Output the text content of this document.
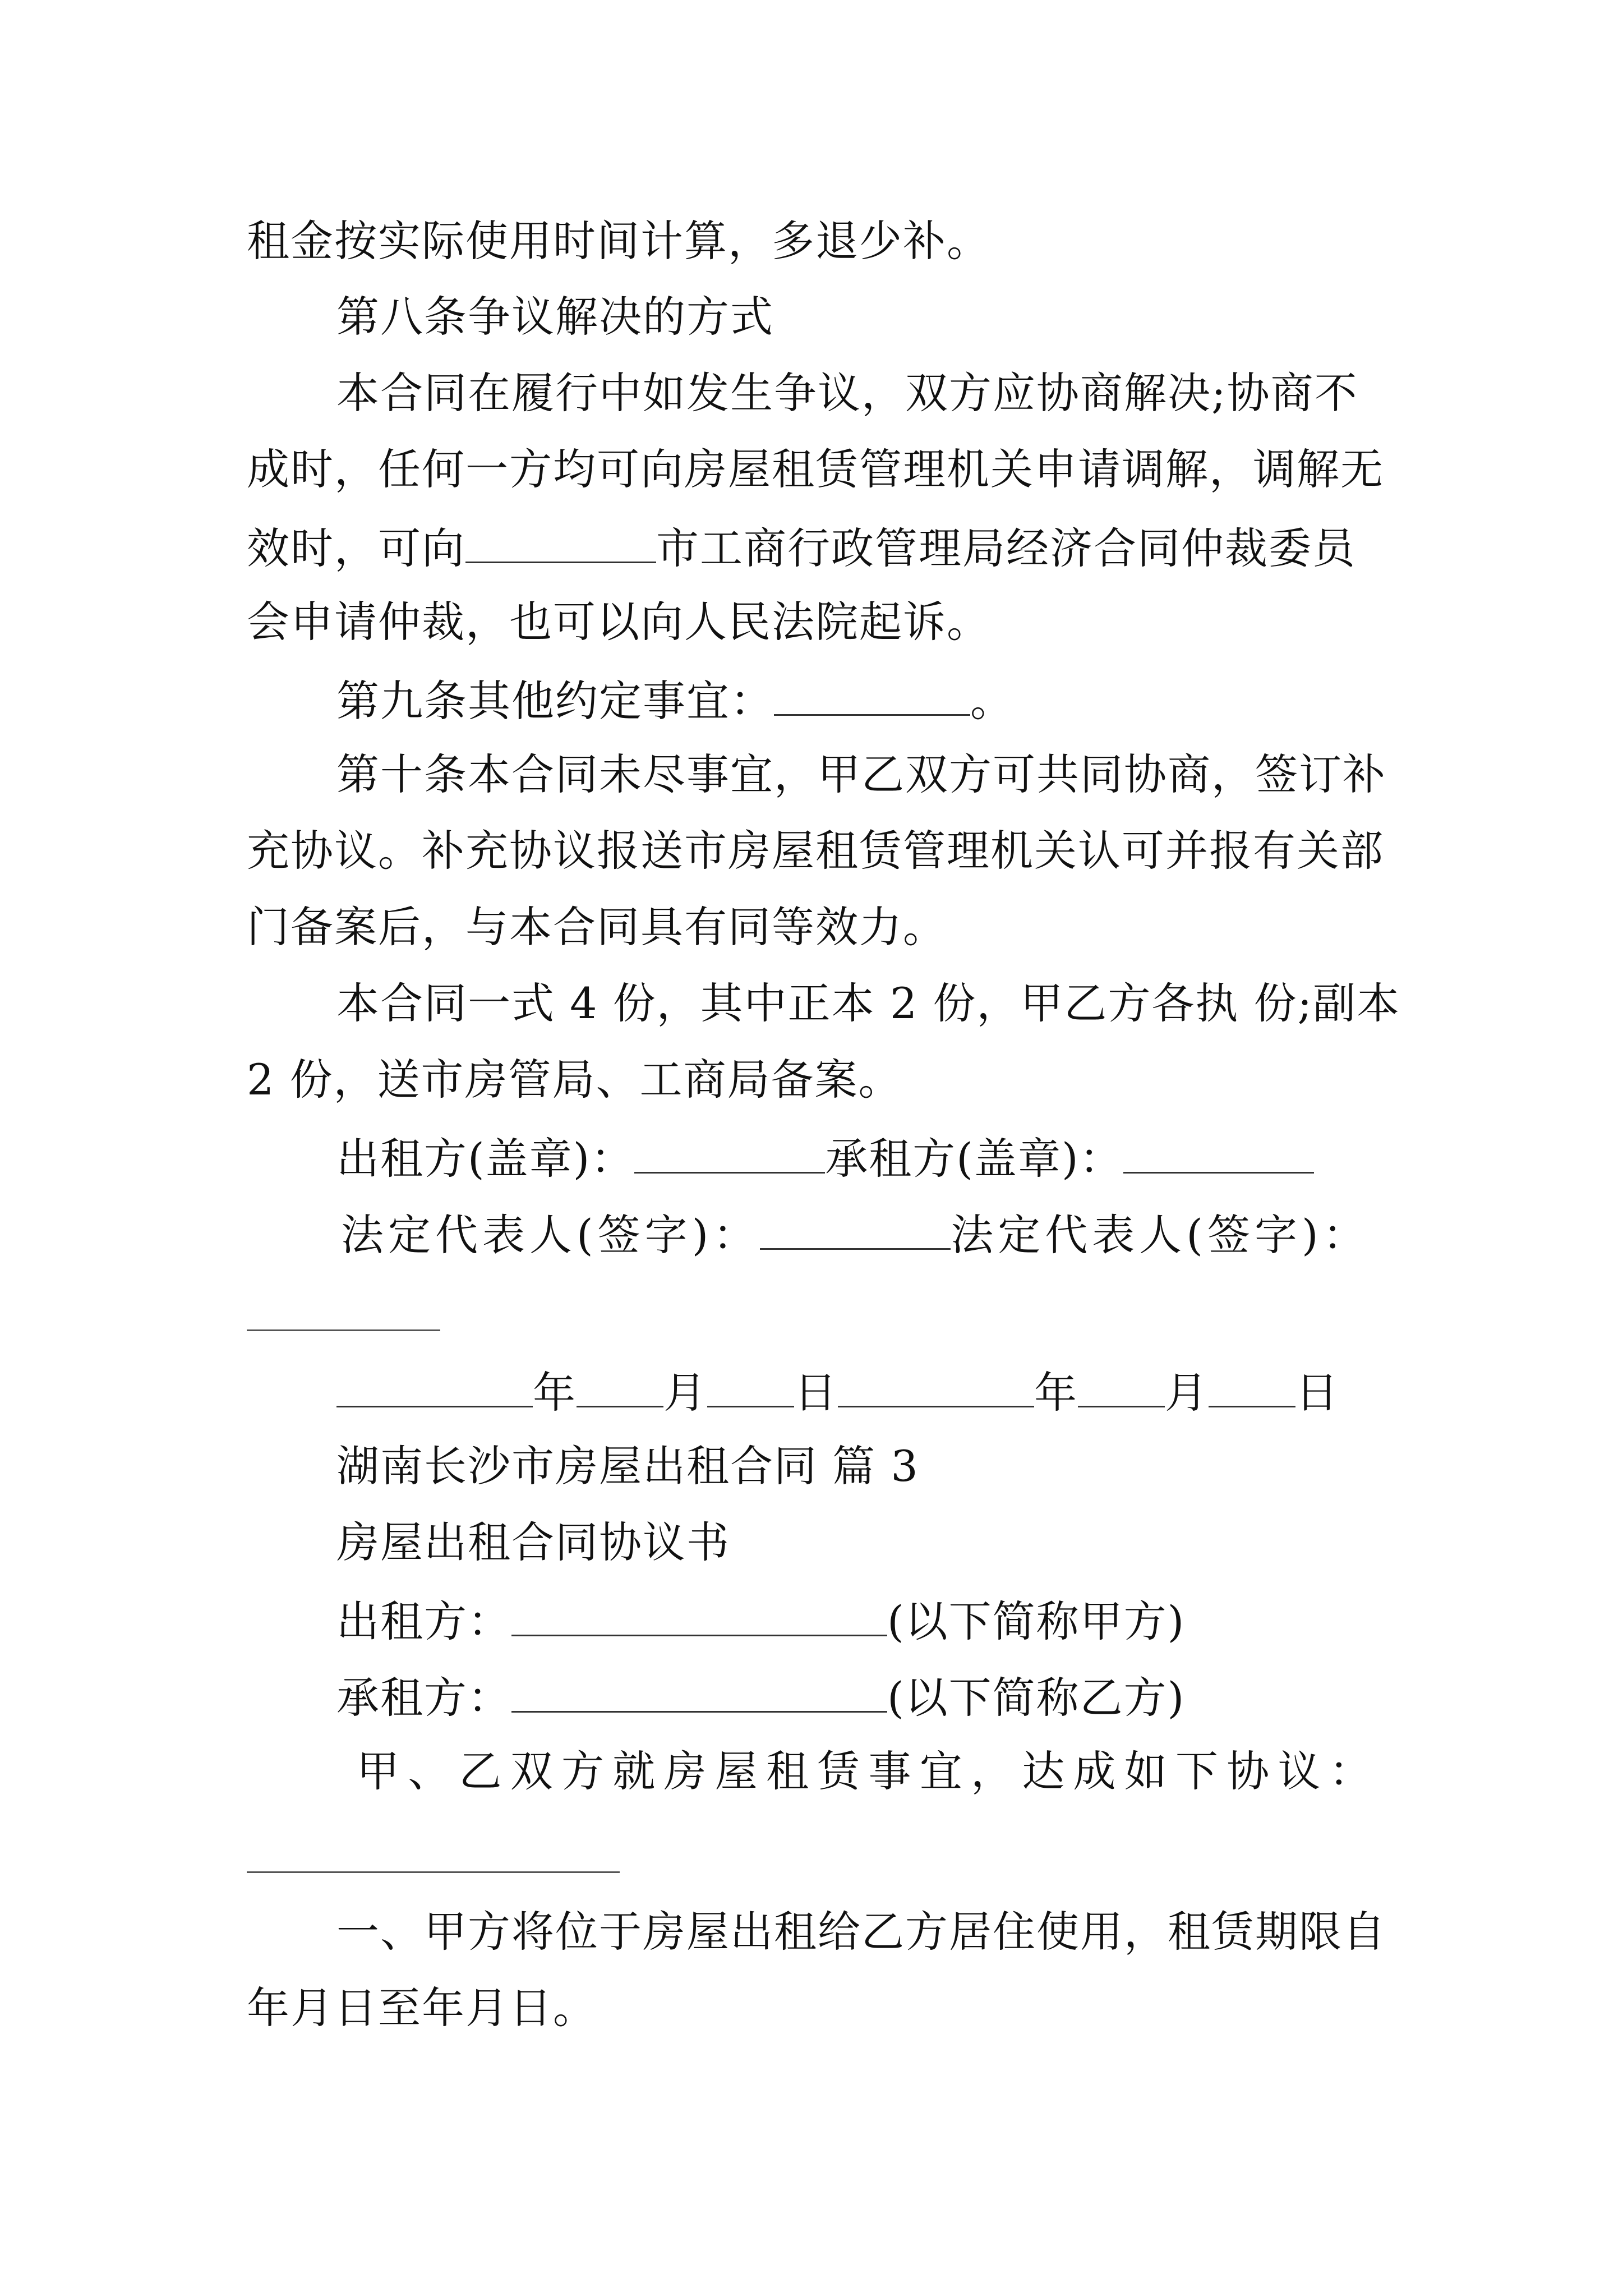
租金按实际使用时间计算，多退少补。
第八条争议解决的方式
本合同在履行中如发生争议，双方应协商解决;协商不
成时，任何一方均可向房屋租赁管理机关申请调解，调解无
效时，可向	市工商行政管理局经济合同仲裁委员
会申请仲裁，也可以向人民法院起诉。
第九条其他约定事宜：	。
第十条本合同未尽事宜，甲乙双方可共同协商，签订补
充协议。补充协议报送市房屋租赁管理机关认可并报有关部
门备案后，与本合同具有同等效力。
本合同一式 4 份，其中正本 2 份，甲乙方各执 份;副本
2 份，送市房管局、工商局备案。
出租方(盖章)：	承租方(盖章)：
法定代表人(签字)：	法定代表人(签字)：
年 月 日	年 月 日
湖南长沙市房屋出租合同 篇 3
房屋出租合同协议书
出租方：	(以下简称甲方)
承租方：	(以下简称乙方)
甲 、 乙 双 方 就 房 屋 租 赁 事 宜 ， 达 成 如 下 协 议 ：
一、甲方将位于房屋出租给乙方居住使用，租赁期限自
年月日至年月日。
